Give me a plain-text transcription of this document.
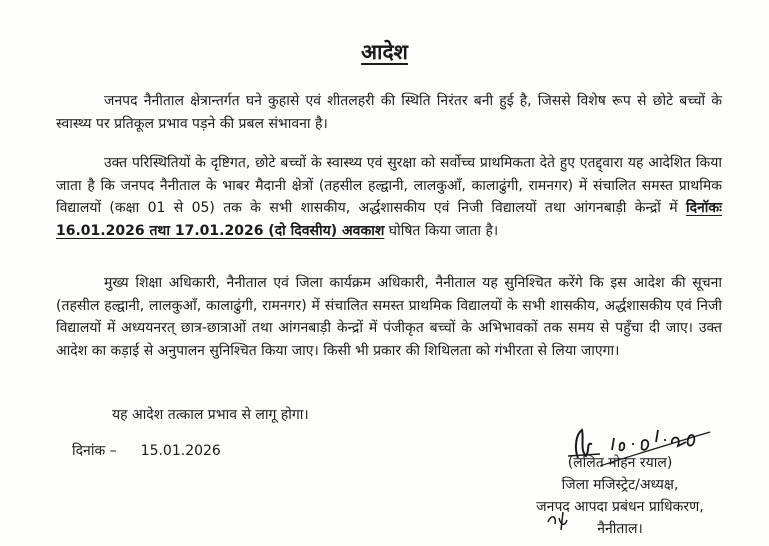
आदेश

जनपद नैनीताल क्षेत्रान्तर्गत घने कुहासे एवं शीतलहरी की स्थिति निरंतर बनी हुई है, जिससे विशेष रूप से छोटे बच्चों के स्वास्थ्य पर प्रतिकूल प्रभाव पड़ने की प्रबल संभावना है।

उक्त परिस्थितियों के दृष्टिगत, छोटे बच्चों के स्वास्थ्य एवं सुरक्षा को सर्वोच्च प्राथमिकता देते हुए एतद्द्वारा यह आदेशित किया जाता है कि जनपद नैनीताल के भाबर मैदानी क्षेत्रों (तहसील हल्द्वानी, लालकुआँ, कालाढुंगी, रामनगर) में संचालित समस्त प्राथमिक विद्यालयों (कक्षा 01 से 05) तक के सभी शासकीय, अर्द्धशासकीय एवं निजी विद्यालयों तथा आंगनबाड़ी केन्द्रों में दिनॉकः 16.01.2026 तथा 17.01.2026 (दो दिवसीय) अवकाश घोषित किया जाता है।

मुख्य शिक्षा अधिकारी, नैनीताल एवं जिला कार्यक्रम अधिकारी, नैनीताल यह सुनिश्चित करेंगे कि इस आदेश की सूचना (तहसील हल्द्वानी, लालकुऑं, कालाढुंगी, रामनगर) में संचालित समस्त प्राथमिक विद्यालयों के सभी शासकीय, अर्द्धशासकीय एवं निजी विद्यालयों में अध्ययनरत् छात्र-छात्राओं तथा आंगनबाड़ी केन्द्रों में पंजीकृत बच्चों के अभिभावकों तक समय से पहुँचा दी जाए। उक्त आदेश का कड़ाई से अनुपालन सुनिश्चित किया जाए। किसी भी प्रकार की शिथिलता को गंभीरता से लिया जाएगा।

यह आदेश तत्काल प्रभाव से लागू होगा।

दिनांक – 15.01.2026
(ललित मोहन रयाल)
जिला मजिस्ट्रेट/अध्यक्ष,
जनपद आपदा प्रबंधन प्राधिकरण,
नैनीताल।
